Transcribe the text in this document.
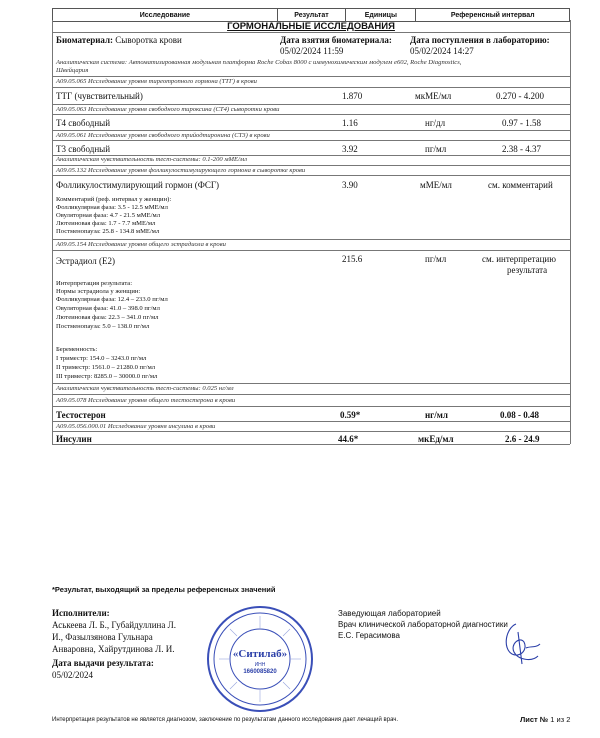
Исследование	Результат	Единицы	Референсный интервал
ГОРМОНАЛЬНЫЕ ИССЛЕДОВАНИЯ
Биоматериал: Сыворотка крови	Дата взятия биоматериала:
05/02/2024 11:59
Дата поступления в лабораторию:
05/02/2024 14:27
Аналитическая система: Автоматизированная модульная платформа Roche Cobas 8000 с иммунохимическим модулем e602, Roche Diagnostics,
Швейцария
A09.05.065 Исследование уровня тиреотропного гормона (ТТГ) в крови
ТТГ (чувствительный)	1.870	мкМЕ/мл	0.270 - 4.200
A09.05.063 Исследование уровня свободного тироксина (СТ4) сыворотки крови
Т4 свободный	1.16	нг/дл	0.97 - 1.58
A09.05.061 Исследование уровня свободного трийодтиронина (СТ3) в крови
Т3 свободный	3.92	пг/мл	2.38 - 4.37
Аналитическая чувствительность тест-системы: 0.1-200 мМЕ/мл
A09.05.132 Исследование уровня фолликулостимулирующего гормона в сыворотке крови
Фолликулостимулирующий гормон (ФСГ)	3.90	мМЕ/мл	см. комментарий
Комментарий (реф. интервал у женщин):
Фолликулярная фаза: 3.5 - 12.5 мМЕ/мл
Овуляторная фаза: 4.7 - 21.5 мМЕ/мл
Лютеиновая фаза: 1.7 - 7.7 мМЕ/мл
Постменопауза: 25.8 - 134.8 мМЕ/мл
A09.05.154 Исследование уровня общего эстрадиола в крови
Эстрадиол (E2)	215.6	пг/мл	см. интерпретацию
результата
Интерпретация результата:
Нормы эстрадиола у женщин:
Фолликулярная фаза: 12.4 – 233.0 пг/мл
Овуляторная фаза: 41.0 – 398.0 пг/мл
Лютеиновая фаза: 22.3 – 341.0 пг/мл
Постменопауза: 5.0 – 138.0 пг/мл
Беременность:
I триместр: 154.0 – 3243.0 пг/мл
II триместр: 1561.0 – 21280.0 пг/мл
III триместр: 8285.0 – 30000.0 пг/мл
Аналитическая чувствительность тест-системы: 0.025 нг/мл
A09.05.078 Исследование уровня общего тестостерона в крови
Тестостерон	0.59*	нг/мл	0.08 - 0.48
A09.05.056.000.01 Исследование уровня инсулина в крови
Инсулин	44.6*	мкЕд/мл	2.6 - 24.9
*Результат, выходящий за пределы референсных значений
Исполнители:
Аськеева Л. Б., Губайдуллина Л.
И., Фазылзянова Гульнара
Анваровна, Хайрутдинова Л. И.
Дата выдачи результата:
05/02/2024
Заведующая лабораторией
Врач клинической лабораторной диагностики
Е.С. Герасимова
«Ситилаб»
ИНН
1660085820
Интерпретация результатов не является диагнозом, заключение по результатам данного исследования дает лечащий врач.	Лист № 1 из 2
